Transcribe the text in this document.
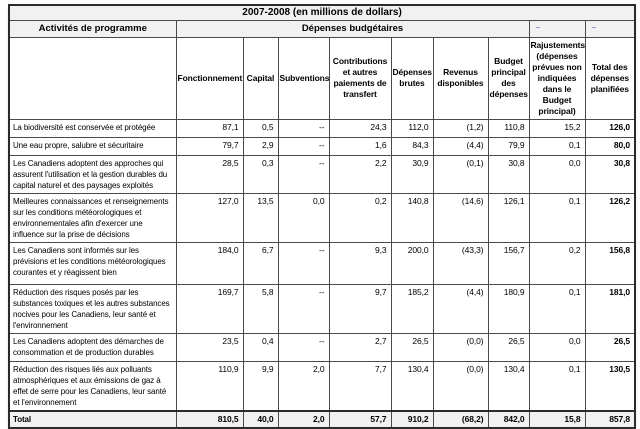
2007-2008 (en millions de dollars)									
Activités de programme	Dépenses budgétaires							–	–
	Fonctionnement	Capital	Subventions	Contributions et autres paiements de transfert	Dépenses brutes	Revenus disponibles	Budget principal des dépenses	Rajustements (dépenses prévues non indiquées dans le Budget principal)	Total des dépenses planifiées
La biodiversité est conservée et protégée	87,1	0,5	--	24,3	112,0	(1,2)	110,8	15,2	126,0
Une eau propre, salubre et sécuritaire	79,7	2,9	--	1,6	84,3	(4,4)	79,9	0,1	80,0
Les Canadiens adoptent des approches qui assurent l'utilisation et la gestion durables du capital naturel et des paysages exploités	28,5	0,3	--	2,2	30,9	(0,1)	30,8	0,0	30,8
Meilleures connaissances et renseignements sur les conditions météorologiques et environnementales afin d'exercer une influence sur la prise de décisions	127,0	13,5	0,0	0,2	140,8	(14,6)	126,1	0,1	126,2
Les Canadiens sont informés sur les prévisions et les conditions météorologiques courantes et y réagissent bien	184,0	6,7	--	9,3	200,0	(43,3)	156,7	0,2	156,8
Réduction des risques posés par les substances toxiques et les autres substances nocives pour les Canadiens, leur santé et l'environnement	169,7	5,8	--	9,7	185,2	(4,4)	180,9	0,1	181,0
Les Canadiens adoptent des démarches de consommation et de production durables	23,5	0,4	--	2,7	26,5	(0,0)	26,5	0,0	26,5
Réduction des risques liés aux polluants atmosphériques et aux émissions de gaz à effet de serre pour les Canadiens, leur santé et l'environnement	110,9	9,9	2,0	7,7	130,4	(0,0)	130,4	0,1	130,5
Total	810,5	40,0	2,0	57,7	910,2	(68,2)	842,0	15,8	857,8
